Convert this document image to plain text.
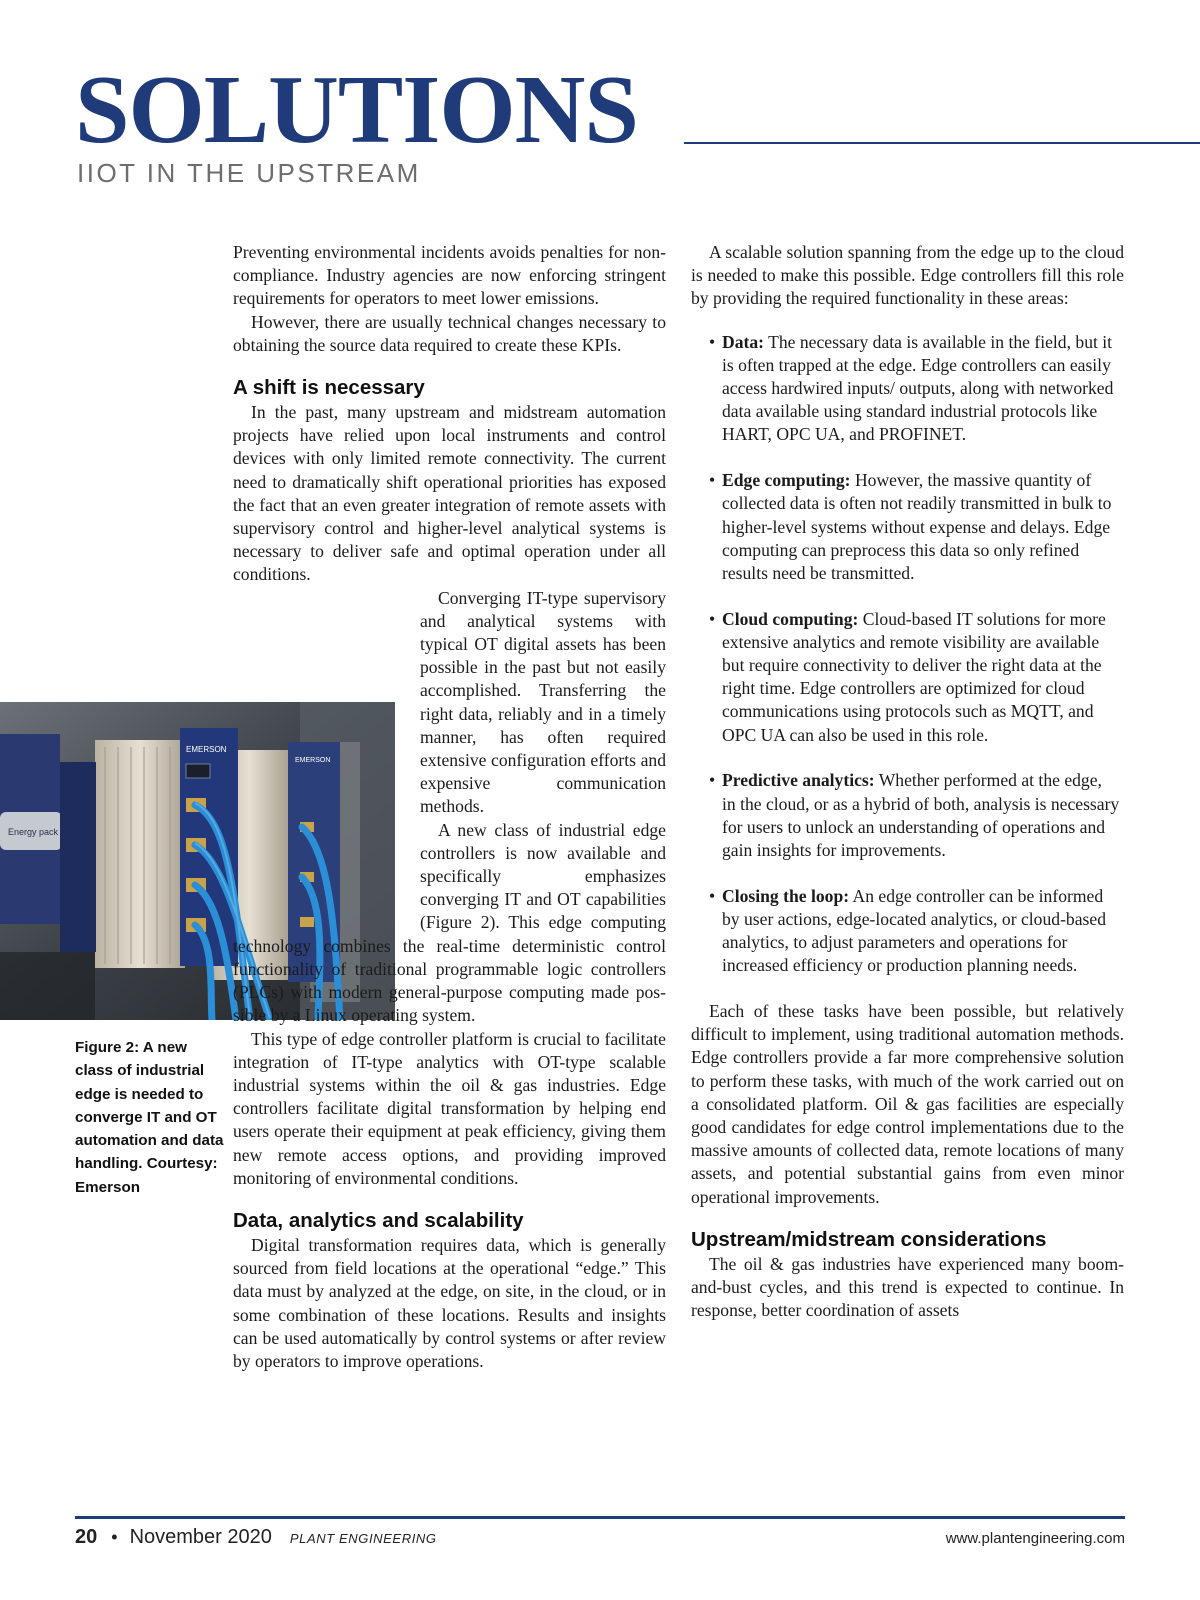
SOLUTIONS
IIOT IN THE UPSTREAM
EMERSON
EMERSON
Energy pack

Figure 2: A new class of industrial edge is needed to converge IT and OT automation and data handling. Courtesy: Emerson

Preventing environmental incidents avoids penalties for non-compliance. Industry agencies are now enforcing stringent requirements for operators to meet lower emissions.

However, there are usually technical changes necessary to obtaining the source data required to create these KPIs.

A shift is necessary

In the past, many upstream and midstream automation projects have relied upon local instruments and control devices with only limited remote connectivity. The current need to dramatically shift operational priorities has exposed the fact that an even greater integration of remote assets with supervisory control and higher-level analytical systems is necessary to deliver safe and optimal operation under all conditions.

Converging IT-type supervisory and analytical systems with typical OT digital assets has been possible in the past but not easily accomplished. Transferring the right data, reliably and in a timely manner, has often required extensive configuration efforts and expensive communication methods.

A new class of industrial edge controllers is now available and specifically emphasizes converging IT and OT capabilities (Figure 2). This edge computing technology combines the real-time deterministic control functionality of traditional programmable logic controllers (PLCs) with modern general-purpose computing made possible by a Linux operating system.

This type of edge controller platform is crucial to facilitate integration of IT-type analytics with OT-type scalable industrial systems within the oil & gas industries. Edge controllers facilitate digital transformation by helping end users operate their equipment at peak efficiency, giving them new remote access options, and providing improved monitoring of environmental conditions.

Data, analytics and scalability

Digital transformation requires data, which is generally sourced from field locations at the operational “edge.” This data must by analyzed at the edge, on site, in the cloud, or in some combination of these locations. Results and insights can be used automatically by control systems or after review by operators to improve operations.

A scalable solution spanning from the edge up to the cloud is needed to make this possible. Edge controllers fill this role by providing the required functionality in these areas:

• Data: The necessary data is available in the field, but it is often trapped at the edge. Edge controllers can easily access hardwired inputs/ outputs, along with networked data available using standard industrial protocols like HART, OPC UA, and PROFINET.
• Edge computing: However, the massive quantity of collected data is often not readily transmitted in bulk to higher-level systems without expense and delays. Edge computing can preprocess this data so only refined results need be transmitted.
• Cloud computing: Cloud-based IT solutions for more extensive analytics and remote visibility are available but require connectivity to deliver the right data at the right time. Edge controllers are optimized for cloud communications using protocols such as MQTT, and OPC UA can also be used in this role.
• Predictive analytics: Whether performed at the edge, in the cloud, or as a hybrid of both, analysis is necessary for users to unlock an understanding of operations and gain insights for improvements.
• Closing the loop: An edge controller can be informed by user actions, edge-located analytics, or cloud-based analytics, to adjust parameters and operations for increased efficiency or production planning needs.

Each of these tasks have been possible, but relatively difficult to implement, using traditional automation methods. Edge controllers provide a far more comprehensive solution to perform these tasks, with much of the work carried out on a consolidated platform. Oil & gas facilities are especially good candidates for edge control implementations due to the massive amounts of collected data, remote locations of many assets, and potential substantial gains from even minor operational improvements.

Upstream/midstream considerations

The oil & gas industries have experienced many boom-and-bust cycles, and this trend is expected to continue. In response, better coordination of assets

20 • November 2020 PLANT ENGINEERING	www.plantengineering.com
